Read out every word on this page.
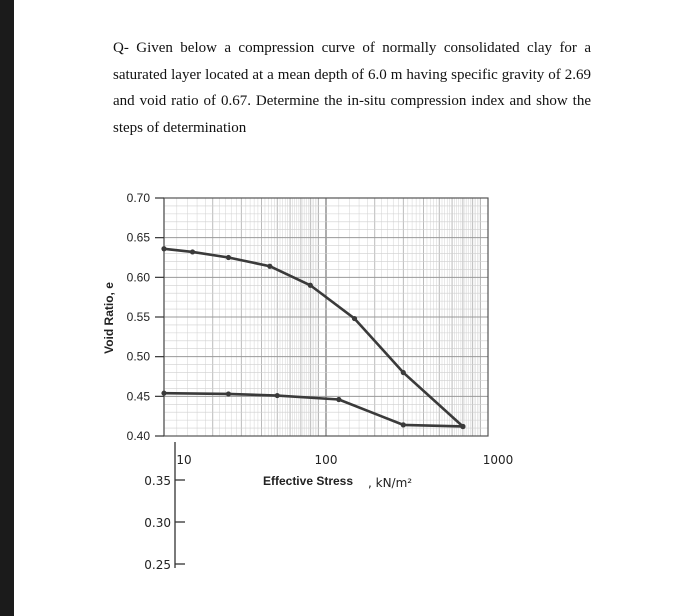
Q- Given below a compression curve of normally consolidated clay for a saturated layer located at a mean depth of 6.0 m having specific gravity of 2.69 and void ratio of 0.67. Determine the in-situ compression index and show the steps of determination
0.70
0.65
0.60
0.55
0.50
0.45
0.40
10	100	1000
0.35
0.30
0.25
Void Ratio, e
Effective Stress , kN/m²
